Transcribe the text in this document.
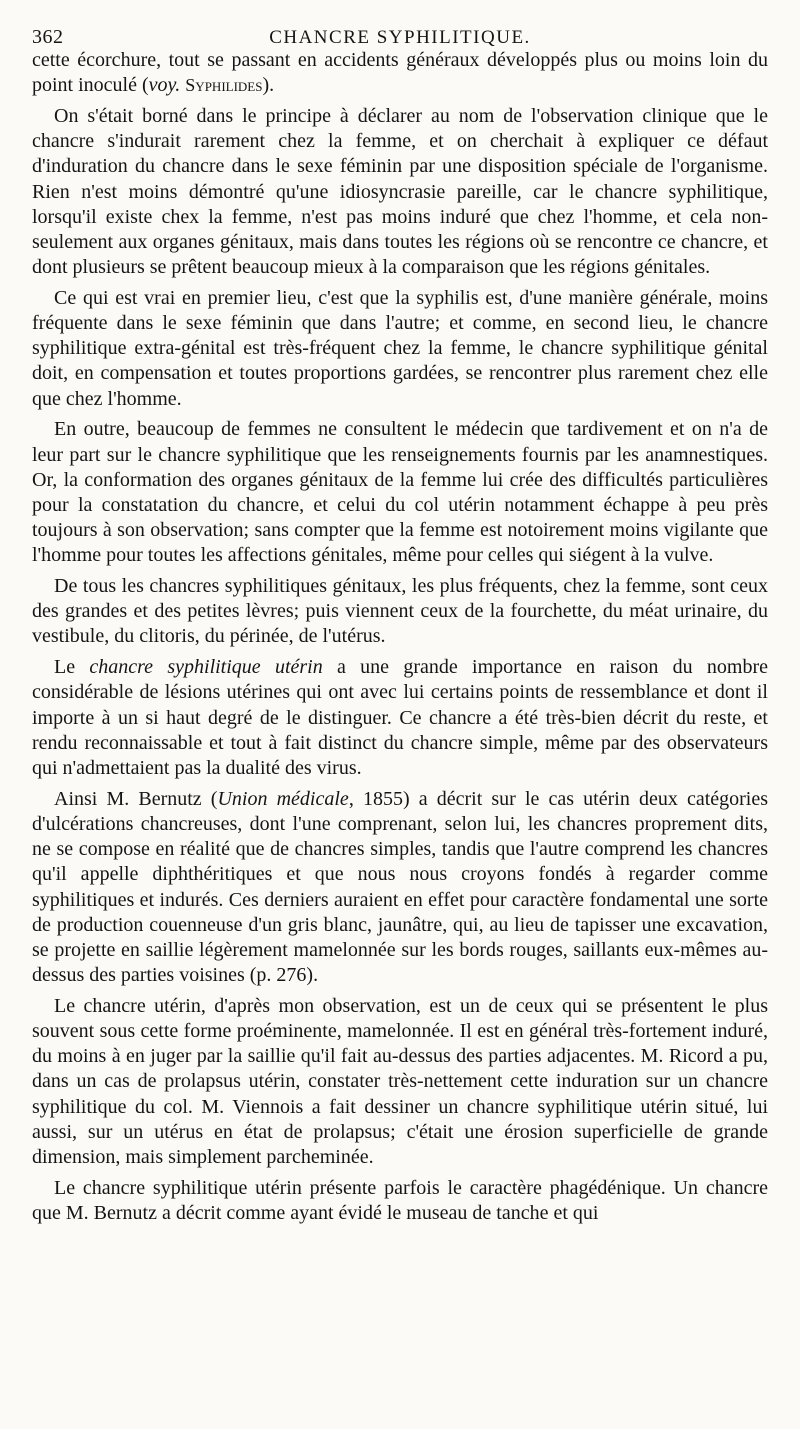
362	CHANCRE SYPHILITIQUE.

cette écorchure, tout se passant en accidents généraux développés plus ou moins loin du point inoculé (voy. Syphilides).

On s'était borné dans le principe à déclarer au nom de l'observation clinique que le chancre s'indurait rarement chez la femme, et on cherchait à expliquer ce défaut d'induration du chancre dans le sexe féminin par une disposition spéciale de l'organisme. Rien n'est moins démontré qu'une idiosyncrasie pareille, car le chancre syphilitique, lorsqu'il existe chex la femme, n'est pas moins induré que chez l'homme, et cela non-seulement aux organes génitaux, mais dans toutes les régions où se rencontre ce chancre, et dont plusieurs se prêtent beaucoup mieux à la comparaison que les régions génitales.

Ce qui est vrai en premier lieu, c'est que la syphilis est, d'une manière générale, moins fréquente dans le sexe féminin que dans l'autre; et comme, en second lieu, le chancre syphilitique extra-génital est très-fréquent chez la femme, le chancre syphilitique génital doit, en compensation et toutes proportions gardées, se rencontrer plus rarement chez elle que chez l'homme.

En outre, beaucoup de femmes ne consultent le médecin que tardivement et on n'a de leur part sur le chancre syphilitique que les renseignements fournis par les anamnestiques. Or, la conformation des organes génitaux de la femme lui crée des difficultés particulières pour la constatation du chancre, et celui du col utérin notamment échappe à peu près toujours à son observation; sans compter que la femme est notoirement moins vigilante que l'homme pour toutes les affections génitales, même pour celles qui siégent à la vulve.

De tous les chancres syphilitiques génitaux, les plus fréquents, chez la femme, sont ceux des grandes et des petites lèvres; puis viennent ceux de la fourchette, du méat urinaire, du vestibule, du clitoris, du périnée, de l'utérus.

Le chancre syphilitique utérin a une grande importance en raison du nombre considérable de lésions utérines qui ont avec lui certains points de ressemblance et dont il importe à un si haut degré de le distinguer. Ce chancre a été très-bien décrit du reste, et rendu reconnaissable et tout à fait distinct du chancre simple, même par des observateurs qui n'admettaient pas la dualité des virus.

Ainsi M. Bernutz (Union médicale, 1855) a décrit sur le cas utérin deux catégories d'ulcérations chancreuses, dont l'une comprenant, selon lui, les chancres proprement dits, ne se compose en réalité que de chancres simples, tandis que l'autre comprend les chancres qu'il appelle diphthéritiques et que nous nous croyons fondés à regarder comme syphilitiques et indurés. Ces derniers auraient en effet pour caractère fondamental une sorte de production couenneuse d'un gris blanc, jaunâtre, qui, au lieu de tapisser une excavation, se projette en saillie légèrement mamelonnée sur les bords rouges, saillants eux-mêmes au-dessus des parties voisines (p. 276).

Le chancre utérin, d'après mon observation, est un de ceux qui se présentent le plus souvent sous cette forme proéminente, mamelonnée. Il est en général très-fortement induré, du moins à en juger par la saillie qu'il fait au-dessus des parties adjacentes. M. Ricord a pu, dans un cas de prolapsus utérin, constater très-nettement cette induration sur un chancre syphilitique du col. M. Viennois a fait dessiner un chancre syphilitique utérin situé, lui aussi, sur un utérus en état de prolapsus; c'était une érosion superficielle de grande dimension, mais simplement parcheminée.

Le chancre syphilitique utérin présente parfois le caractère phagédénique. Un chancre que M. Bernutz a décrit comme ayant évidé le museau de tanche et qui
